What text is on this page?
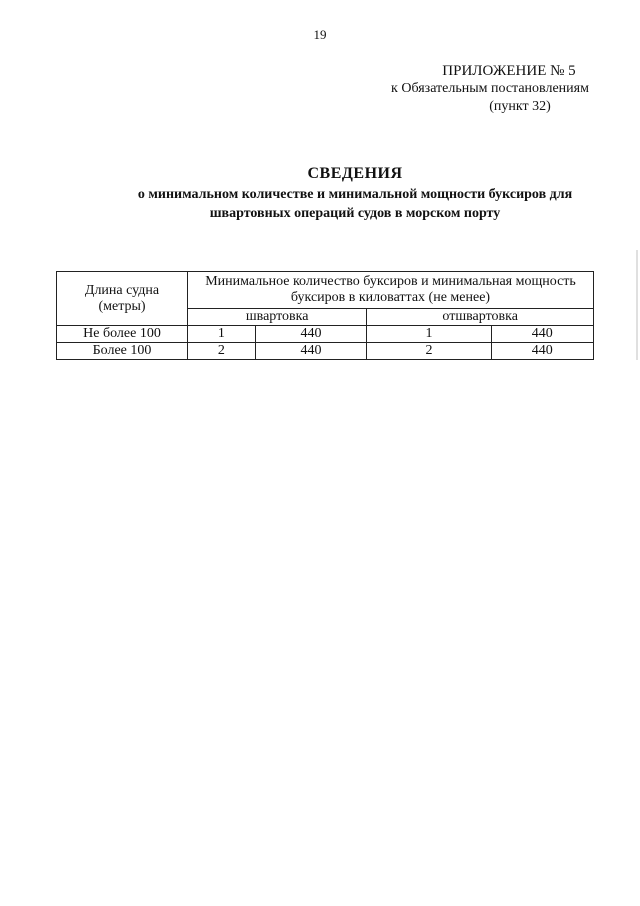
19
ПРИЛОЖЕНИЕ № 5
к Обязательным постановлениям
(пункт 32)
СВЕДЕНИЯ
о минимальном количестве и минимальной мощности буксиров для
швартовных операций судов в морском порту
Длина судна (метры)	Минимальное количество буксиров и минимальная мощность буксиров в киловаттах (не менее)			
	швартовка		отшвартовка	
Не более 100	1	440	1	440
Более 100	2	440	2	440
